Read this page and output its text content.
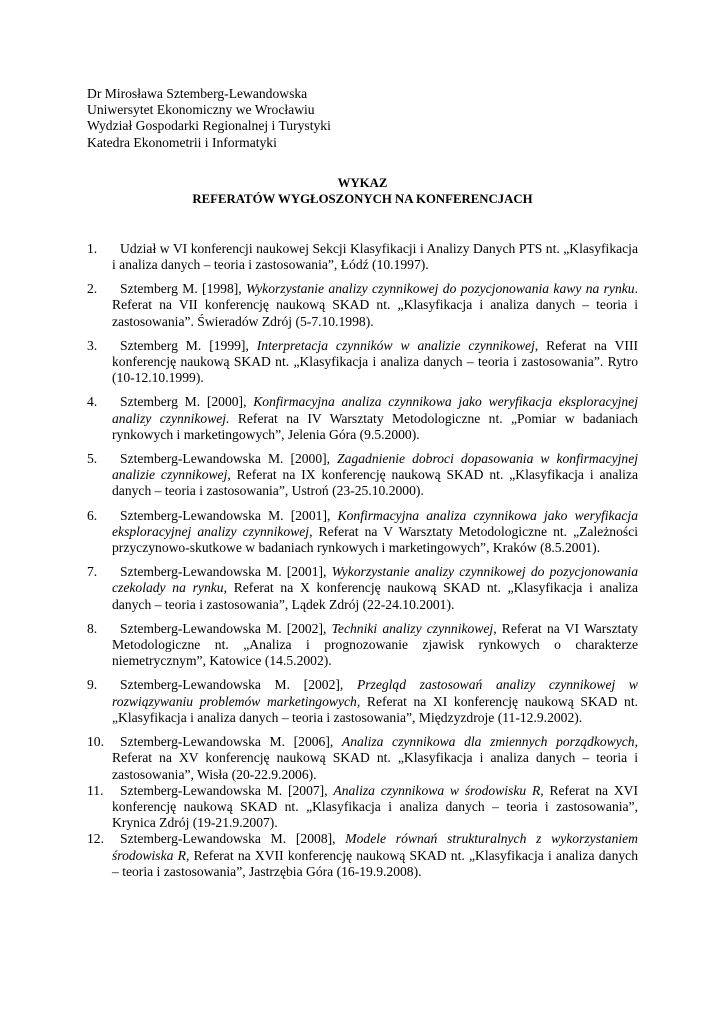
Dr Mirosława Sztemberg-Lewandowska
Uniwersytet Ekonomiczny we Wrocławiu
Wydział Gospodarki Regionalnej i Turystyki
Katedra Ekonometrii i Informatyki
WYKAZ
REFERATÓW WYGŁOSZONYCH NA KONFERENCJACH
1.	Udział w VI konferencji naukowej Sekcji Klasyfikacji i Analizy Danych PTS nt. „Klasyfikacja i analiza danych – teoria i zastosowania”, Łódź (10.1997).
2.	Sztemberg M. [1998], Wykorzystanie analizy czynnikowej do pozycjonowania kawy na rynku. Referat na VII konferencję naukową SKAD nt. „Klasyfikacja i analiza danych – teoria i zastosowania”. Świeradów Zdrój (5-7.10.1998).
3.	Sztemberg M. [1999], Interpretacja czynników w analizie czynnikowej, Referat na VIII konferencję naukową SKAD nt. „Klasyfikacja i analiza danych – teoria i zastosowania”. Rytro (10-12.10.1999).
4.	Sztemberg M. [2000], Konfirmacyjna analiza czynnikowa jako weryfikacja eksploracyjnej analizy czynnikowej. Referat na IV Warsztaty Metodologiczne nt. „Pomiar w badaniach rynkowych i marketingowych”, Jelenia Góra (9.5.2000).
5.	Sztemberg-Lewandowska M. [2000], Zagadnienie dobroci dopasowania w konfirmacyjnej analizie czynnikowej, Referat na IX konferencję naukową SKAD nt. „Klasyfikacja i analiza danych – teoria i zastosowania”, Ustroń (23-25.10.2000).
6.	Sztemberg-Lewandowska M. [2001], Konfirmacyjna analiza czynnikowa jako weryfikacja eksploracyjnej analizy czynnikowej, Referat na V Warsztaty Metodologiczne nt. „Zależności przyczynowo-skutkowe w badaniach rynkowych i marketingowych”, Kraków (8.5.2001).
7.	Sztemberg-Lewandowska M. [2001], Wykorzystanie analizy czynnikowej do pozycjonowania czekolady na rynku, Referat na X konferencję naukową SKAD nt. „Klasyfikacja i analiza danych – teoria i zastosowania”, Lądek Zdrój (22-24.10.2001).
8.	Sztemberg-Lewandowska M. [2002], Techniki analizy czynnikowej, Referat na VI Warsztaty Metodologiczne nt. „Analiza i prognozowanie zjawisk rynkowych o charakterze niemetrycznym”, Katowice (14.5.2002).
9.	Sztemberg-Lewandowska M. [2002], Przegląd zastosowań analizy czynnikowej w rozwiązywaniu problemów marketingowych, Referat na XI konferencję naukową SKAD nt. „Klasyfikacja i analiza danych – teoria i zastosowania”, Międzyzdroje (11-12.9.2002).
10.	Sztemberg-Lewandowska M. [2006], Analiza czynnikowa dla zmiennych porządkowych, Referat na XV konferencję naukową SKAD nt. „Klasyfikacja i analiza danych – teoria i zastosowania”, Wisła (20-22.9.2006).
11.	Sztemberg-Lewandowska M. [2007], Analiza czynnikowa w środowisku R, Referat na XVI konferencję naukową SKAD nt. „Klasyfikacja i analiza danych – teoria i zastosowania”, Krynica Zdrój (19-21.9.2007).
12.	Sztemberg-Lewandowska M. [2008], Modele równań strukturalnych z wykorzystaniem środowiska R, Referat na XVII konferencję naukową SKAD nt. „Klasyfikacja i analiza danych – teoria i zastosowania”, Jastrzębia Góra (16-19.9.2008).
